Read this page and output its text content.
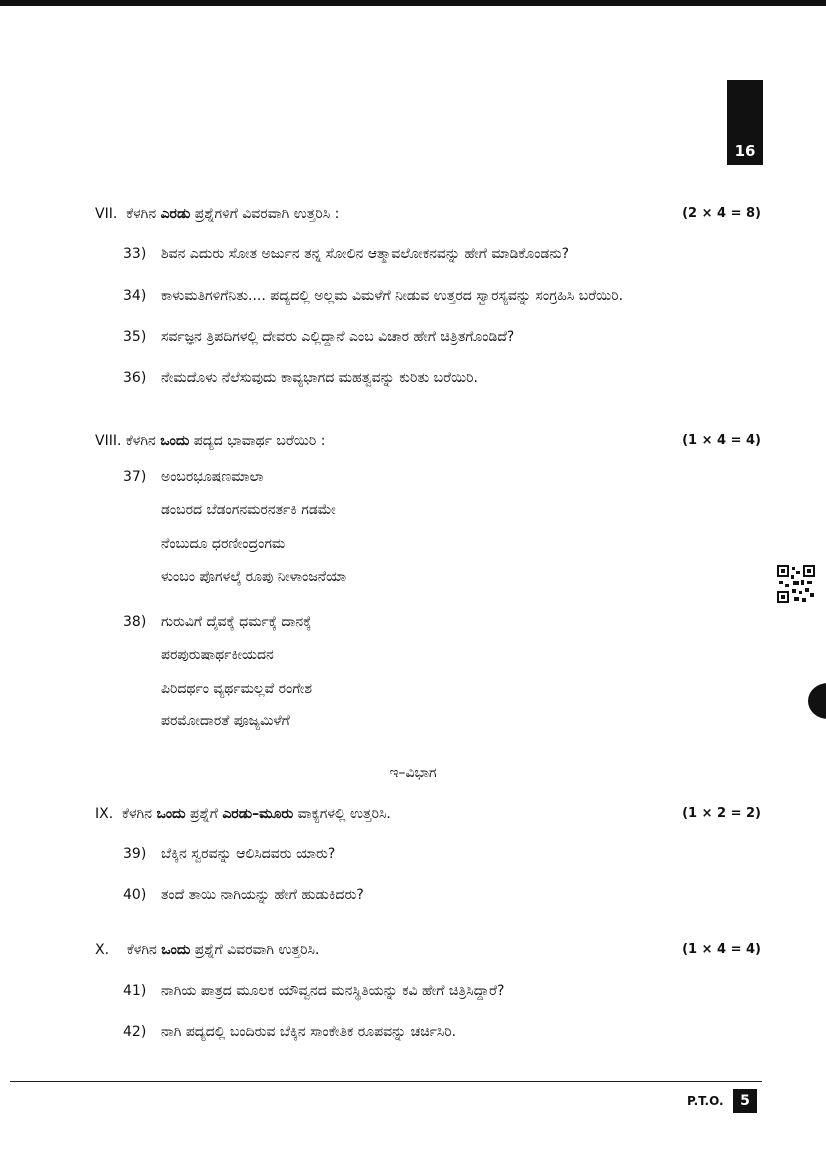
16
VII. ಕೆಳಗಿನ ಎರಡು ಪ್ರಶ್ನೆಗಳಿಗೆ ವಿವರವಾಗಿ ಉತ್ತರಿಸಿ :	(2 × 4 = 8)
33) ಶಿವನ ಎದುರು ಸೋತ ಅರ್ಜುನ ತನ್ನ ಸೋಲಿನ ಆತ್ಮಾವಲೋಕನವನ್ನು ಹೇಗೆ ಮಾಡಿಕೊಂಡನು?
34) ಕಾಳುಮತಿಗಳಿಗೆನಿತು.... ಪದ್ಯದಲ್ಲಿ ಅಲ್ಲಮ ವಿಮಳೆಗೆ ನೀಡುವ ಉತ್ತರದ ಸ್ವಾರಸ್ಯವನ್ನು ಸಂಗ್ರಹಿಸಿ ಬರೆಯಿರಿ.
35) ಸರ್ವಜ್ಞನ ತ್ರಿಪದಿಗಳಲ್ಲಿ ದೇವರು ಎಲ್ಲಿದ್ದಾನೆ ಎಂಬ ವಿಚಾರ ಹೇಗೆ ಚಿತ್ರಿತಗೊಂಡಿದೆ?
36) ನೇಮದೊಳು ನೆಲೆಸುವುದು ಕಾವ್ಯಭಾಗದ ಮಹತ್ವವನ್ನು ಕುರಿತು ಬರೆಯಿರಿ.
VIII. ಕೆಳಗಿನ ಒಂದು ಪದ್ಯದ ಭಾವಾರ್ಥ ಬರೆಯಿರಿ :	(1 × 4 = 4)
37) ಅಂಬರಭೂಷಣಮಾಲಾ
ಡಂಬರದ ಬೆಡಂಗನಮರನರ್ತಕಿ ಗಡಮೇ
ನೆಂಬುದೂ ಧರಣೀಂದ್ರಂಗಮ
ಳುಂಬಂ ಪೊಗಳಲ್ಕೆ ರೂಪು ನೀಳಾಂಜನೆಯಾ
38) ಗುರುವಿಗೆ ದೈವಕ್ಕೆ ಧರ್ಮಕ್ಕೆ ದಾನಕ್ಕೆ
ಪರಪುರುಷಾರ್ಥಕೀಯದನ
ಪಿರಿದರ್ಥಂ ವ್ಯರ್ಥಮಲ್ಲವೆ ರಂಗೇಶ
ಪರಮೋದಾರತೆ ಪೂಜ್ಯಮಿಳೆಗೆ
ಇ–ವಿಭಾಗ
IX. ಕೆಳಗಿನ ಒಂದು ಪ್ರಶ್ನೆಗೆ ಎರಡು–ಮೂರು ವಾಕ್ಯಗಳಲ್ಲಿ ಉತ್ತರಿಸಿ.	(1 × 2 = 2)
39) ಬೆಕ್ಕಿನ ಸ್ವರವನ್ನು ಆಲಿಸಿದವರು ಯಾರು?
40) ತಂದೆ ತಾಯಿ ನಾಗಿಯನ್ನು ಹೇಗೆ ಹುಡುಕಿದರು?
X. ಕೆಳಗಿನ ಒಂದು ಪ್ರಶ್ನೆಗೆ ವಿವರವಾಗಿ ಉತ್ತರಿಸಿ.	(1 × 4 = 4)
41) ನಾಗಿಯ ಪಾತ್ರದ ಮೂಲಕ ಯೌವ್ವನದ ಮನಸ್ಥಿತಿಯನ್ನು ಕವಿ ಹೇಗೆ ಚಿತ್ರಿಸಿದ್ದಾರೆ?
42) ನಾಗಿ ಪದ್ಯದಲ್ಲಿ ಬಂದಿರುವ ಬೆಕ್ಕಿನ ಸಾಂಕೇತಿಕ ರೂಪವನ್ನು ಚರ್ಚಿಸಿರಿ.
P.T.O.	5
